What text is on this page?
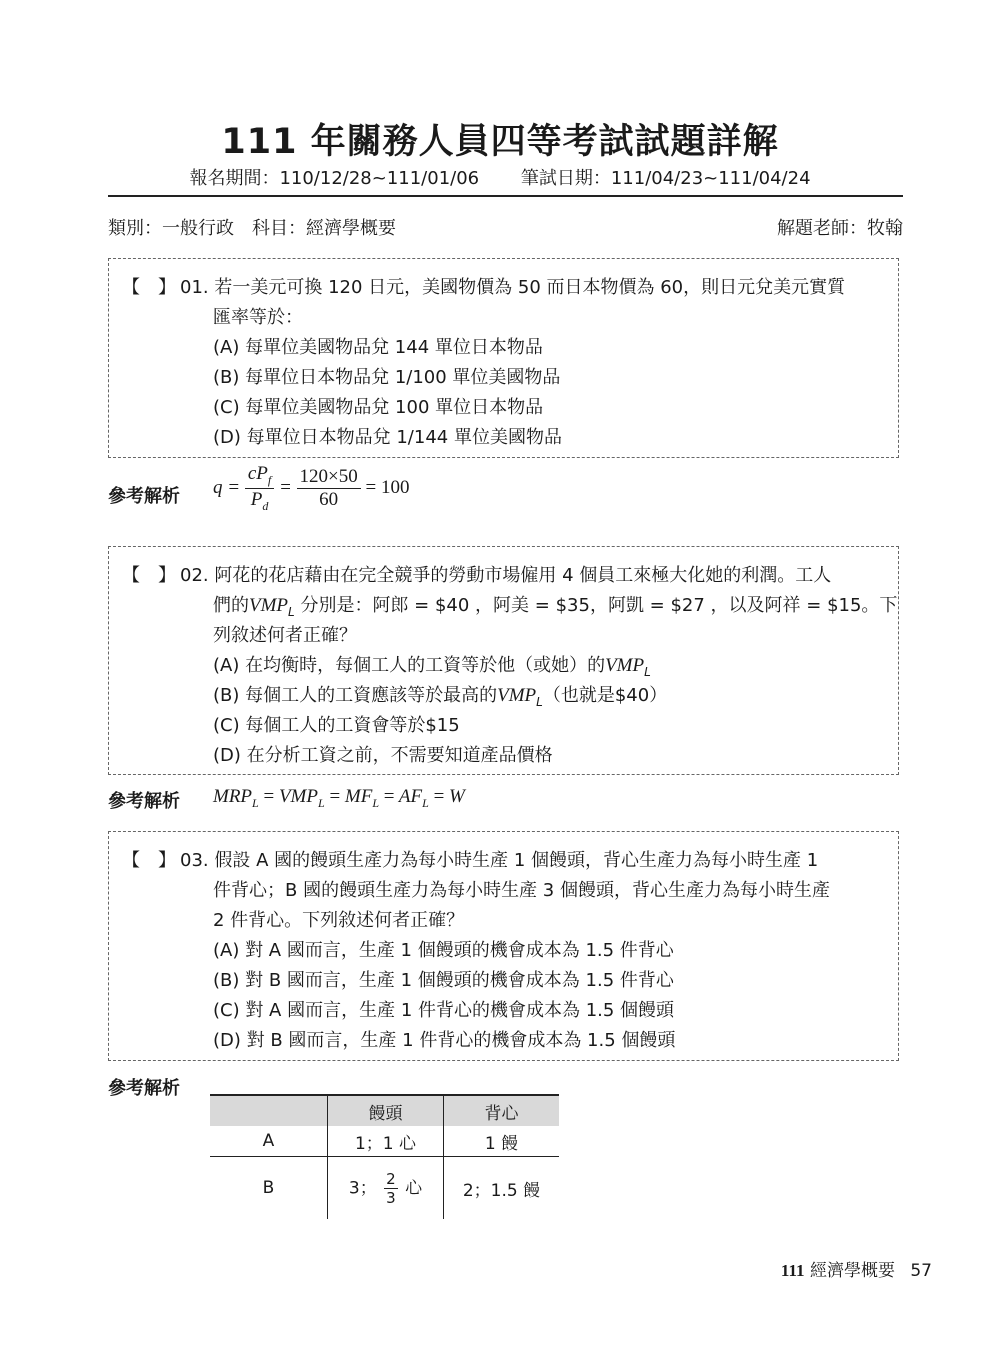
111 年關務人員四等考試試題詳解
報名期間：110/12/28~111/01/06 筆試日期：111/04/23~111/04/24
類別：一般行政　科目：經濟學概要	解題老師：牧翰
【　】 01. 若一美元可換 120 日元，美國物價為 50 而日本物價為 60，則日元兌美元實質
匯率等於：
(A) 每單位美國物品兌 144 單位日本物品
(B) 每單位日本物品兌 1/100 單位美國物品
(C) 每單位美國物品兌 100 單位日本物品
(D) 每單位日本物品兌 1/144 單位美國物品
參考解析 $q = \frac{cP_f}{P_d} = \frac{120\times 50}{60} = 100$
【　】 02. 阿花的花店藉由在完全競爭的勞動市場僱用 4 個員工來極大化她的利潤。工人
們的$VMP_L$ 分別是：阿郎 = $40 ，阿美 = $35，阿凱 = $27 ，以及阿祥 = $15。下
列敘述何者正確？
(A) 在均衡時，每個工人的工資等於他（或她）的$VMP_L$
(B) 每個工人的工資應該等於最高的$VMP_L$（也就是$40）
(C) 每個工人的工資會等於$15
(D) 在分析工資之前，不需要知道產品價格
參考解析 $MRP_L = VMP_L = MF_L = AF_L = W$
【　】 03. 假設 A 國的饅頭生產力為每小時生產 1 個饅頭，背心生產力為每小時生產 1
件背心；B 國的饅頭生產力為每小時生產 3 個饅頭，背心生產力為每小時生產
2 件背心。下列敘述何者正確？
(A) 對 A 國而言，生產 1 個饅頭的機會成本為 1.5 件背心
(B) 對 B 國而言，生產 1 個饅頭的機會成本為 1.5 件背心
(C) 對 A 國而言，生產 1 件背心的機會成本為 1.5 個饅頭
(D) 對 B 國而言，生產 1 件背心的機會成本為 1.5 個饅頭
參考解析
	饅頭	背心
A	1；1 心	1 饅
B	3； $\frac{2}{3}$ 心	2；1.5 饅
111 經濟學概要 57
